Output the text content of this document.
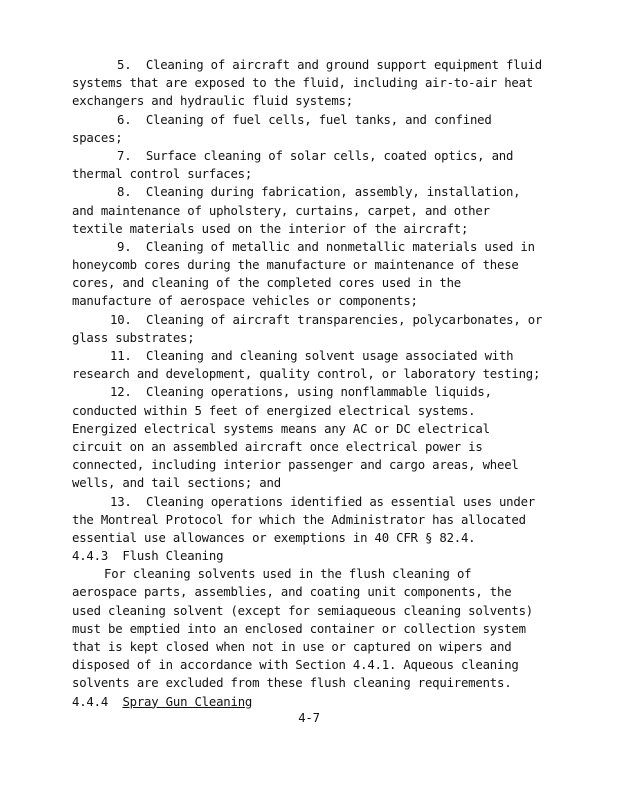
5.  Cleaning of aircraft and ground support equipment fluid
systems that are exposed to the fluid, including air-to-air heat
exchangers and hydraulic fluid systems;
6.  Cleaning of fuel cells, fuel tanks, and confined
spaces;
7.  Surface cleaning of solar cells, coated optics, and
thermal control surfaces;
8.  Cleaning during fabrication, assembly, installation,
and maintenance of upholstery, curtains, carpet, and other
textile materials used on the interior of the aircraft;
9.  Cleaning of metallic and nonmetallic materials used in
honeycomb cores during the manufacture or maintenance of these
cores, and cleaning of the completed cores used in the
manufacture of aerospace vehicles or components;
10.  Cleaning of aircraft transparencies, polycarbonates, or
glass substrates;
11.  Cleaning and cleaning solvent usage associated with
research and development, quality control, or laboratory testing;
12.  Cleaning operations, using nonflammable liquids,
conducted within 5 feet of energized electrical systems.
Energized electrical systems means any AC or DC electrical
circuit on an assembled aircraft once electrical power is
connected, including interior passenger and cargo areas, wheel
wells, and tail sections; and
13.  Cleaning operations identified as essential uses under
the Montreal Protocol for which the Administrator has allocated
essential use allowances or exemptions in 40 CFR § 82.4.
4.4.3  Flush Cleaning
For cleaning solvents used in the flush cleaning of
aerospace parts, assemblies, and coating unit components, the
used cleaning solvent (except for semiaqueous cleaning solvents)
must be emptied into an enclosed container or collection system
that is kept closed when not in use or captured on wipers and
disposed of in accordance with Section 4.4.1. Aqueous cleaning
solvents are excluded from these flush cleaning requirements.
4.4.4  Spray Gun Cleaning
4-7
